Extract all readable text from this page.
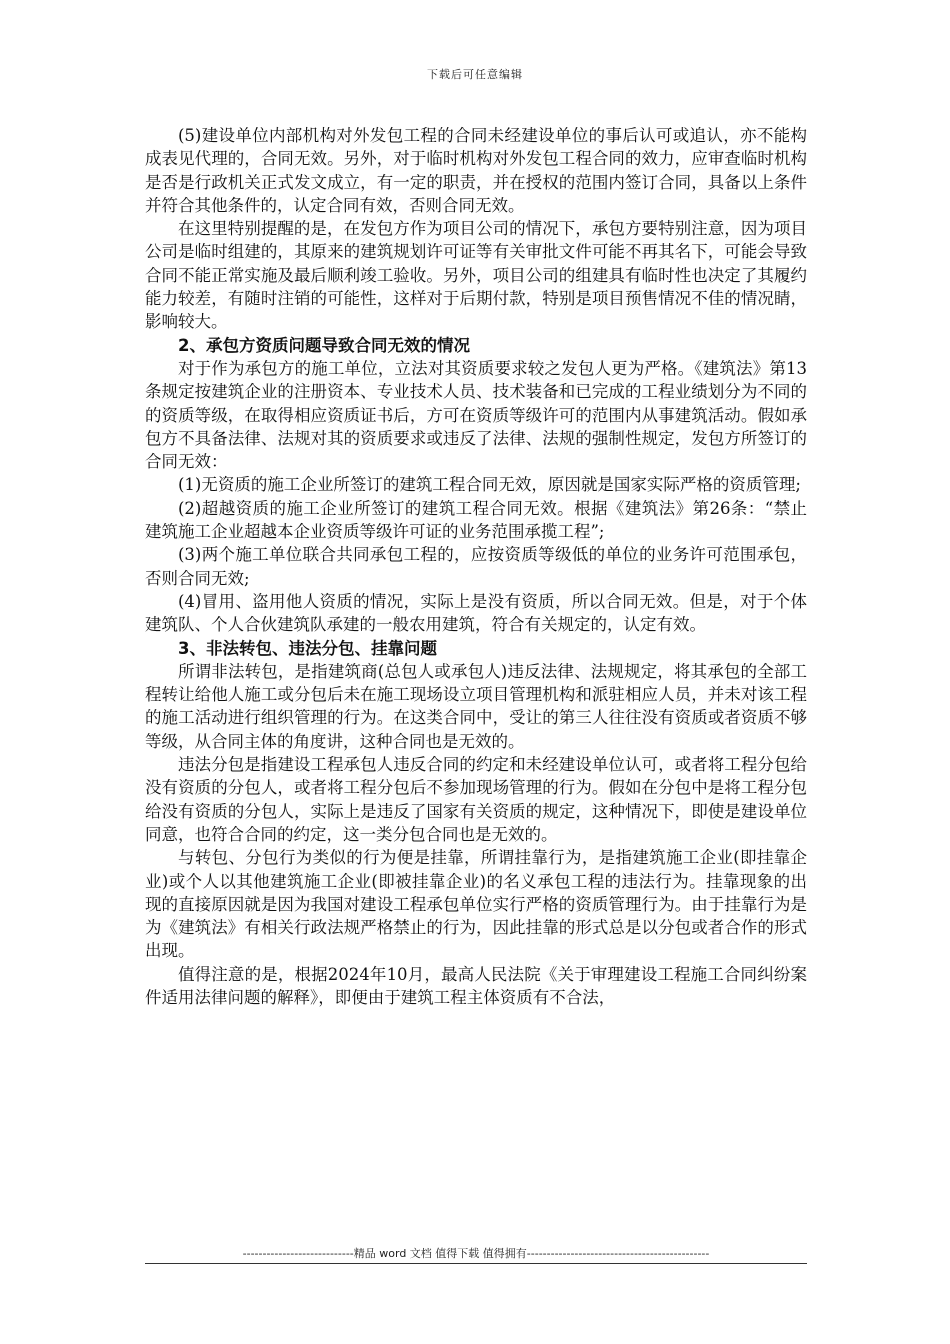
下载后可任意编辑

(5)建设单位内部机构对外发包工程的合同未经建设单位的事后认可或追认，亦不能构成表见代理的，合同无效。另外，对于临时机构对外发包工程合同的效力，应审查临时机构是否是行政机关正式发文成立，有一定的职责，并在授权的范围内签订合同，具备以上条件并符合其他条件的，认定合同有效，否则合同无效。

在这里特别提醒的是，在发包方作为项目公司的情况下，承包方要特别注意，因为项目公司是临时组建的，其原来的建筑规划许可证等有关审批文件可能不再其名下，可能会导致合同不能正常实施及最后顺利竣工验收。另外，项目公司的组建具有临时性也决定了其履约能力较差，有随时注销的可能性，这样对于后期付款，特别是项目预售情况不佳的情况睛，影响较大。

2、承包方资质问题导致合同无效的情况

对于作为承包方的施工单位，立法对其资质要求较之发包人更为严格。《建筑法》第13条规定按建筑企业的注册资本、专业技术人员、技术装备和已完成的工程业绩划分为不同的的资质等级，在取得相应资质证书后，方可在资质等级许可的范围内从事建筑活动。假如承包方不具备法律、法规对其的资质要求或违反了法律、法规的强制性规定，发包方所签订的合同无效：

(1)无资质的施工企业所签订的建筑工程合同无效，原因就是国家实际严格的资质管理;

(2)超越资质的施工企业所签订的建筑工程合同无效。根据《建筑法》第26条：“禁止建筑施工企业超越本企业资质等级许可证的业务范围承揽工程”;

(3)两个施工单位联合共同承包工程的，应按资质等级低的单位的业务许可范围承包，否则合同无效;

(4)冒用、盗用他人资质的情况，实际上是没有资质，所以合同无效。但是，对于个体建筑队、个人合伙建筑队承建的一般农用建筑，符合有关规定的，认定有效。

3、非法转包、违法分包、挂靠问题

所谓非法转包，是指建筑商(总包人或承包人)违反法律、法规规定，将其承包的全部工程转让给他人施工或分包后未在施工现场设立项目管理机构和派驻相应人员，并未对该工程的施工活动进行组织管理的行为。在这类合同中，受让的第三人往往没有资质或者资质不够等级，从合同主体的角度讲，这种合同也是无效的。

违法分包是指建设工程承包人违反合同的约定和未经建设单位认可，或者将工程分包给没有资质的分包人，或者将工程分包后不参加现场管理的行为。假如在分包中是将工程分包给没有资质的分包人，实际上是违反了国家有关资质的规定，这种情况下，即使是建设单位同意，也符合合同的约定，这一类分包合同也是无效的。

与转包、分包行为类似的行为便是挂靠，所谓挂靠行为，是指建筑施工企业(即挂靠企业)或个人以其他建筑施工企业(即被挂靠企业)的名义承包工程的违法行为。挂靠现象的出现的直接原因就是因为我国对建设工程承包单位实行严格的资质管理行为。由于挂靠行为是为《建筑法》有相关行政法规严格禁止的行为，因此挂靠的形式总是以分包或者合作的形式出现。

值得注意的是，根据2024年10月，最高人民法院《关于审理建设工程施工合同纠纷案件适用法律问题的解释》，即便由于建筑工程主体资质有不合法，

----------------------------精品 word 文档 值得下载 值得拥有----------------------------------------------
